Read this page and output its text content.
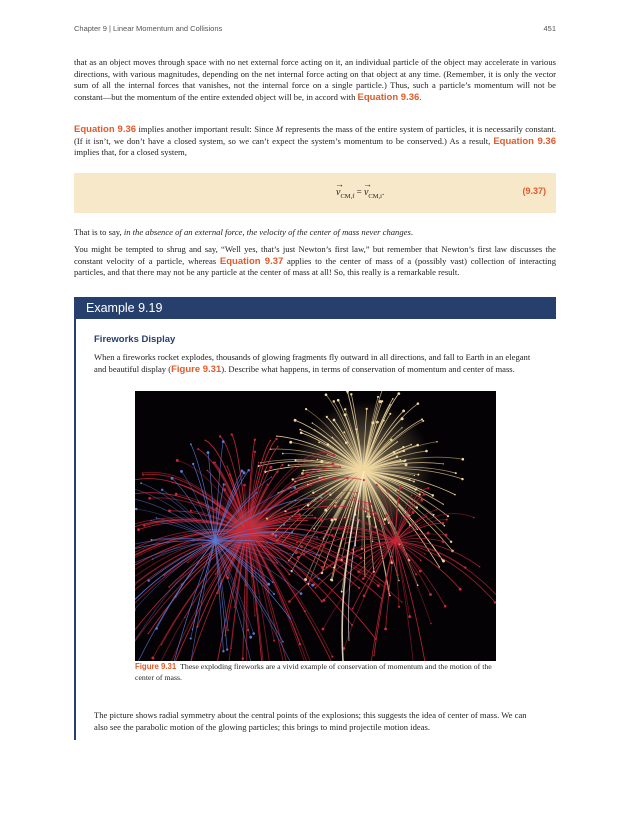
Chapter 9 | Linear Momentum and Collisions	451

that as an object moves through space with no net external force acting on it, an individual particle of the object may accelerate in various directions, with various magnitudes, depending on the net internal force acting on that object at any time. (Remember, it is only the vector sum of all the internal forces that vanishes, not the internal force on a single particle.) Thus, such a particle’s momentum will not be constant—but the momentum of the entire extended object will be, in accord with Equation 9.36.

Equation 9.36 implies another important result: Since M represents the mass of the entire system of particles, it is necessarily constant. (If it isn’t, we don’t have a closed system, so we can’t expect the system’s momentum to be conserved.) As a result, Equation 9.36 implies that, for a closed system,

→
$v_{CM,f}$ =
→
$v_{CM,i}$.	(9.37)

That is to say, in the absence of an external force, the velocity of the center of mass never changes.

You might be tempted to shrug and say, “Well yes, that’s just Newton’s first law,” but remember that Newton’s first law discusses the constant velocity of a particle, whereas Equation 9.37 applies to the center of mass of a (possibly vast) collection of interacting particles, and that there may not be any particle at the center of mass at all! So, this really is a remarkable result.

Example 9.19

Fireworks Display

When a fireworks rocket explodes, thousands of glowing fragments fly outward in all directions, and fall to Earth in an elegant and beautiful display (Figure 9.31). Describe what happens, in terms of conservation of momentum and center of mass.

Figure 9.31 These exploding fireworks are a vivid example of conservation of momentum and the motion of the center of mass.

The picture shows radial symmetry about the central points of the explosions; this suggests the idea of center of mass. We can also see the parabolic motion of the glowing particles; this brings to mind projectile motion ideas.
